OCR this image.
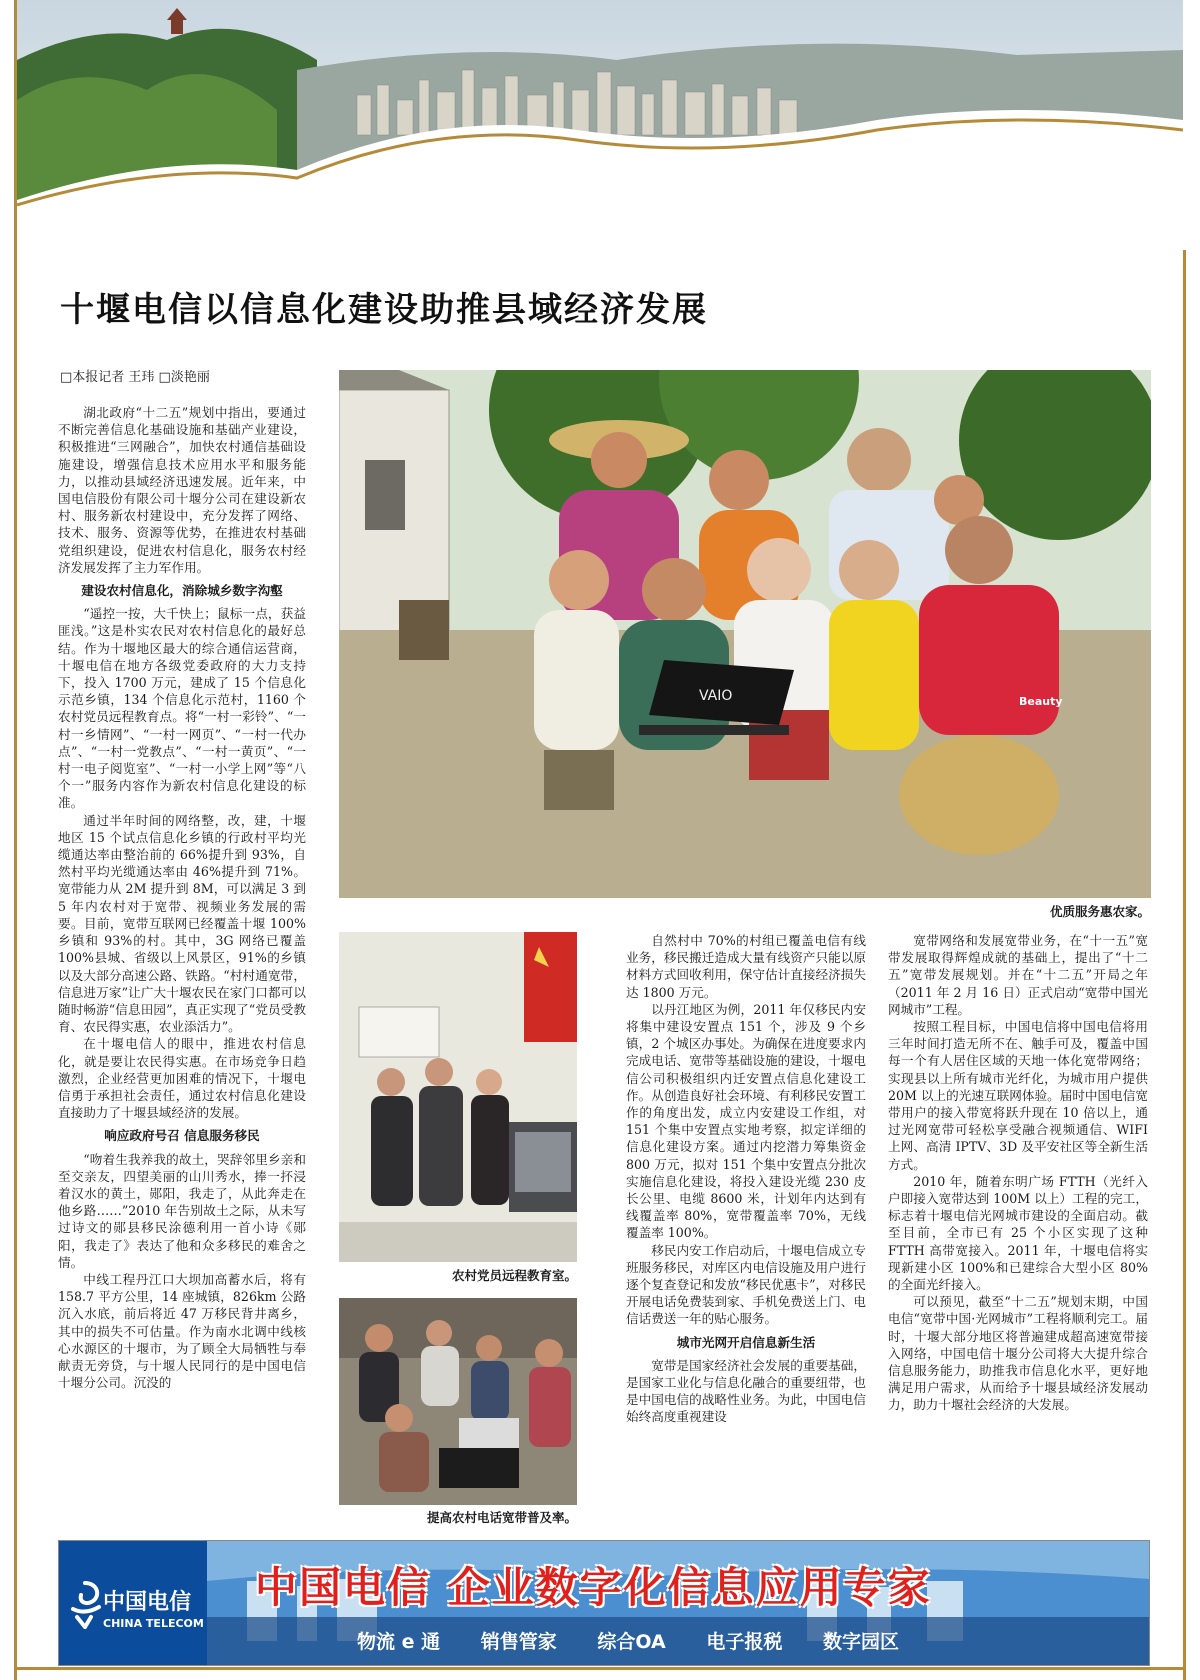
十堰电信以信息化建设助推县域经济发展
□本报记者 王玮 □淡艳丽

湖北政府“十二五”规划中指出，要通过不断完善信息化基础设施和基础产业建设，积极推进“三网融合”，加快农村通信基础设施建设，增强信息技术应用水平和服务能力，以推动县域经济迅速发展。近年来，中国电信股份有限公司十堰分公司在建设新农村、服务新农村建设中，充分发挥了网络、技术、服务、资源等优势，在推进农村基础党组织建设，促进农村信息化，服务农村经济发展发挥了主力军作用。

建设农村信息化，消除城乡数字沟壑

“遥控一按，大千快上；鼠标一点，获益匪浅。”这是朴实农民对农村信息化的最好总结。作为十堰地区最大的综合通信运营商，十堰电信在地方各级党委政府的大力支持下，投入 1700 万元，建成了 15 个信息化示范乡镇，134 个信息化示范村，1160 个农村党员远程教育点。将“一村一彩铃”、“一村一乡情网”、“一村一网页”、“一村一代办点”、“一村一党教点”、“一村一黄页”、“一村一电子阅览室”、“一村一小学上网”等“八个一”服务内容作为新农村信息化建设的标准。

通过半年时间的网络整，改，建，十堰地区 15 个试点信息化乡镇的行政村平均光缆通达率由整治前的 66%提升到 93%，自然村平均光缆通达率由 46%提升到 71%。宽带能力从 2M 提升到 8M，可以满足 3 到 5 年内农村对于宽带、视频业务发展的需要。目前，宽带互联网已经覆盖十堰 100%乡镇和 93%的村。其中，3G 网络已覆盖 100%县城、省级以上风景区，91%的乡镇以及大部分高速公路、铁路。“村村通宽带，信息进万家”让广大十堰农民在家门口都可以随时畅游“信息田园”，真正实现了“党员受教育、农民得实惠，农业添活力”。

在十堰电信人的眼中，推进农村信息化，就是要让农民得实惠。在市场竞争日趋激烈，企业经营更加困难的情况下，十堰电信勇于承担社会责任，通过农村信息化建设直接助力了十堰县域经济的发展。

响应政府号召 信息服务移民

“吻着生我养我的故土，哭辞邻里乡亲和至交亲友，四望美丽的山川秀水，捧一抔浸着汉水的黄土，郧阳，我走了，从此奔走在他乡路……”2010 年告别故土之际，从未写过诗文的郧县移民涂德利用一首小诗《郧阳，我走了》表达了他和众多移民的难舍之情。

中线工程丹江口大坝加高蓄水后，将有 158.7 平方公里，14 座城镇，826km 公路沉入水底，前后将近 47 万移民背井离乡，其中的损失不可估量。作为南水北调中线核心水源区的十堰市，为了顾全大局牺牲与奉献责无旁贷，与十堰人民同行的是中国电信十堰分公司。沉没的

VAIO	Beauty
优质服务惠农家。
农村党员远程教育室。
提高农村电话宽带普及率。

自然村中 70%的村组已覆盖电信有线业务，移民搬迁造成大量有线资产只能以原材料方式回收利用，保守估计直接经济损失达 1800 万元。

以丹江地区为例，2011 年仅移民内安将集中建设安置点 151 个，涉及 9 个乡镇，2 个城区办事处。为确保在进度要求内完成电话、宽带等基础设施的建设，十堰电信公司积极组织内迁安置点信息化建设工作。从创造良好社会环境、有利移民安置工作的角度出发，成立内安建设工作组，对 151 个集中安置点实地考察，拟定详细的信息化建设方案。通过内挖潜力筹集资金 800 万元，拟对 151 个集中安置点分批次实施信息化建设，将投入建设光缆 230 皮长公里、电缆 8600 米，计划年内达到有线覆盖率 80%，宽带覆盖率 70%，无线覆盖率 100%。

移民内安工作启动后，十堰电信成立专班服务移民，对库区内电信设施及用户进行逐个复查登记和发放“移民优惠卡”，对移民开展电话免费装到家、手机免费送上门、电信话费送一年的贴心服务。

城市光网开启信息新生活

宽带是国家经济社会发展的重要基础，是国家工业化与信息化融合的重要纽带，也是中国电信的战略性业务。为此，中国电信始终高度重视建设

宽带网络和发展宽带业务，在“十一五”宽带发展取得辉煌成就的基础上，提出了“十二五”宽带发展规划。并在“十二五”开局之年（2011 年 2 月 16 日）正式启动“宽带中国光网城市”工程。

按照工程目标，中国电信将中国电信将用三年时间打造无所不在、触手可及，覆盖中国每一个有人居住区域的天地一体化宽带网络；实现县以上所有城市光纤化，为城市用户提供 20M 以上的光速互联网体验。届时中国电信宽带用户的接入带宽将跃升现在 10 倍以上，通过光网宽带可轻松享受融合视频通信、WIFI 上网、高清 IPTV、3D 及平安社区等全新生活方式。

2010 年，随着东明广场 FTTH（光纤入户即接入宽带达到 100M 以上）工程的完工，标志着十堰电信光网城市建设的全面启动。截至目前，全市已有 25 个小区实现了这种 FTTH 高带宽接入。2011 年，十堰电信将实现新建小区 100%和已建综合大型小区 80%的全面光纤接入。

可以预见，截至“十二五”规划末期，中国电信“宽带中国·光网城市”工程将顺利完工。届时，十堰大部分地区将普遍建成超高速宽带接入网络，中国电信十堰分公司将大大提升综合信息服务能力，助推我市信息化水平，更好地满足用户需求，从而给予十堰县域经济发展动力，助力十堰社会经济的大发展。

中国电信
CHINA TELECOM
中国电信 企业数字化信息应用专家
物流 e 通 销售管家 综合OA 电子报税 数字园区
